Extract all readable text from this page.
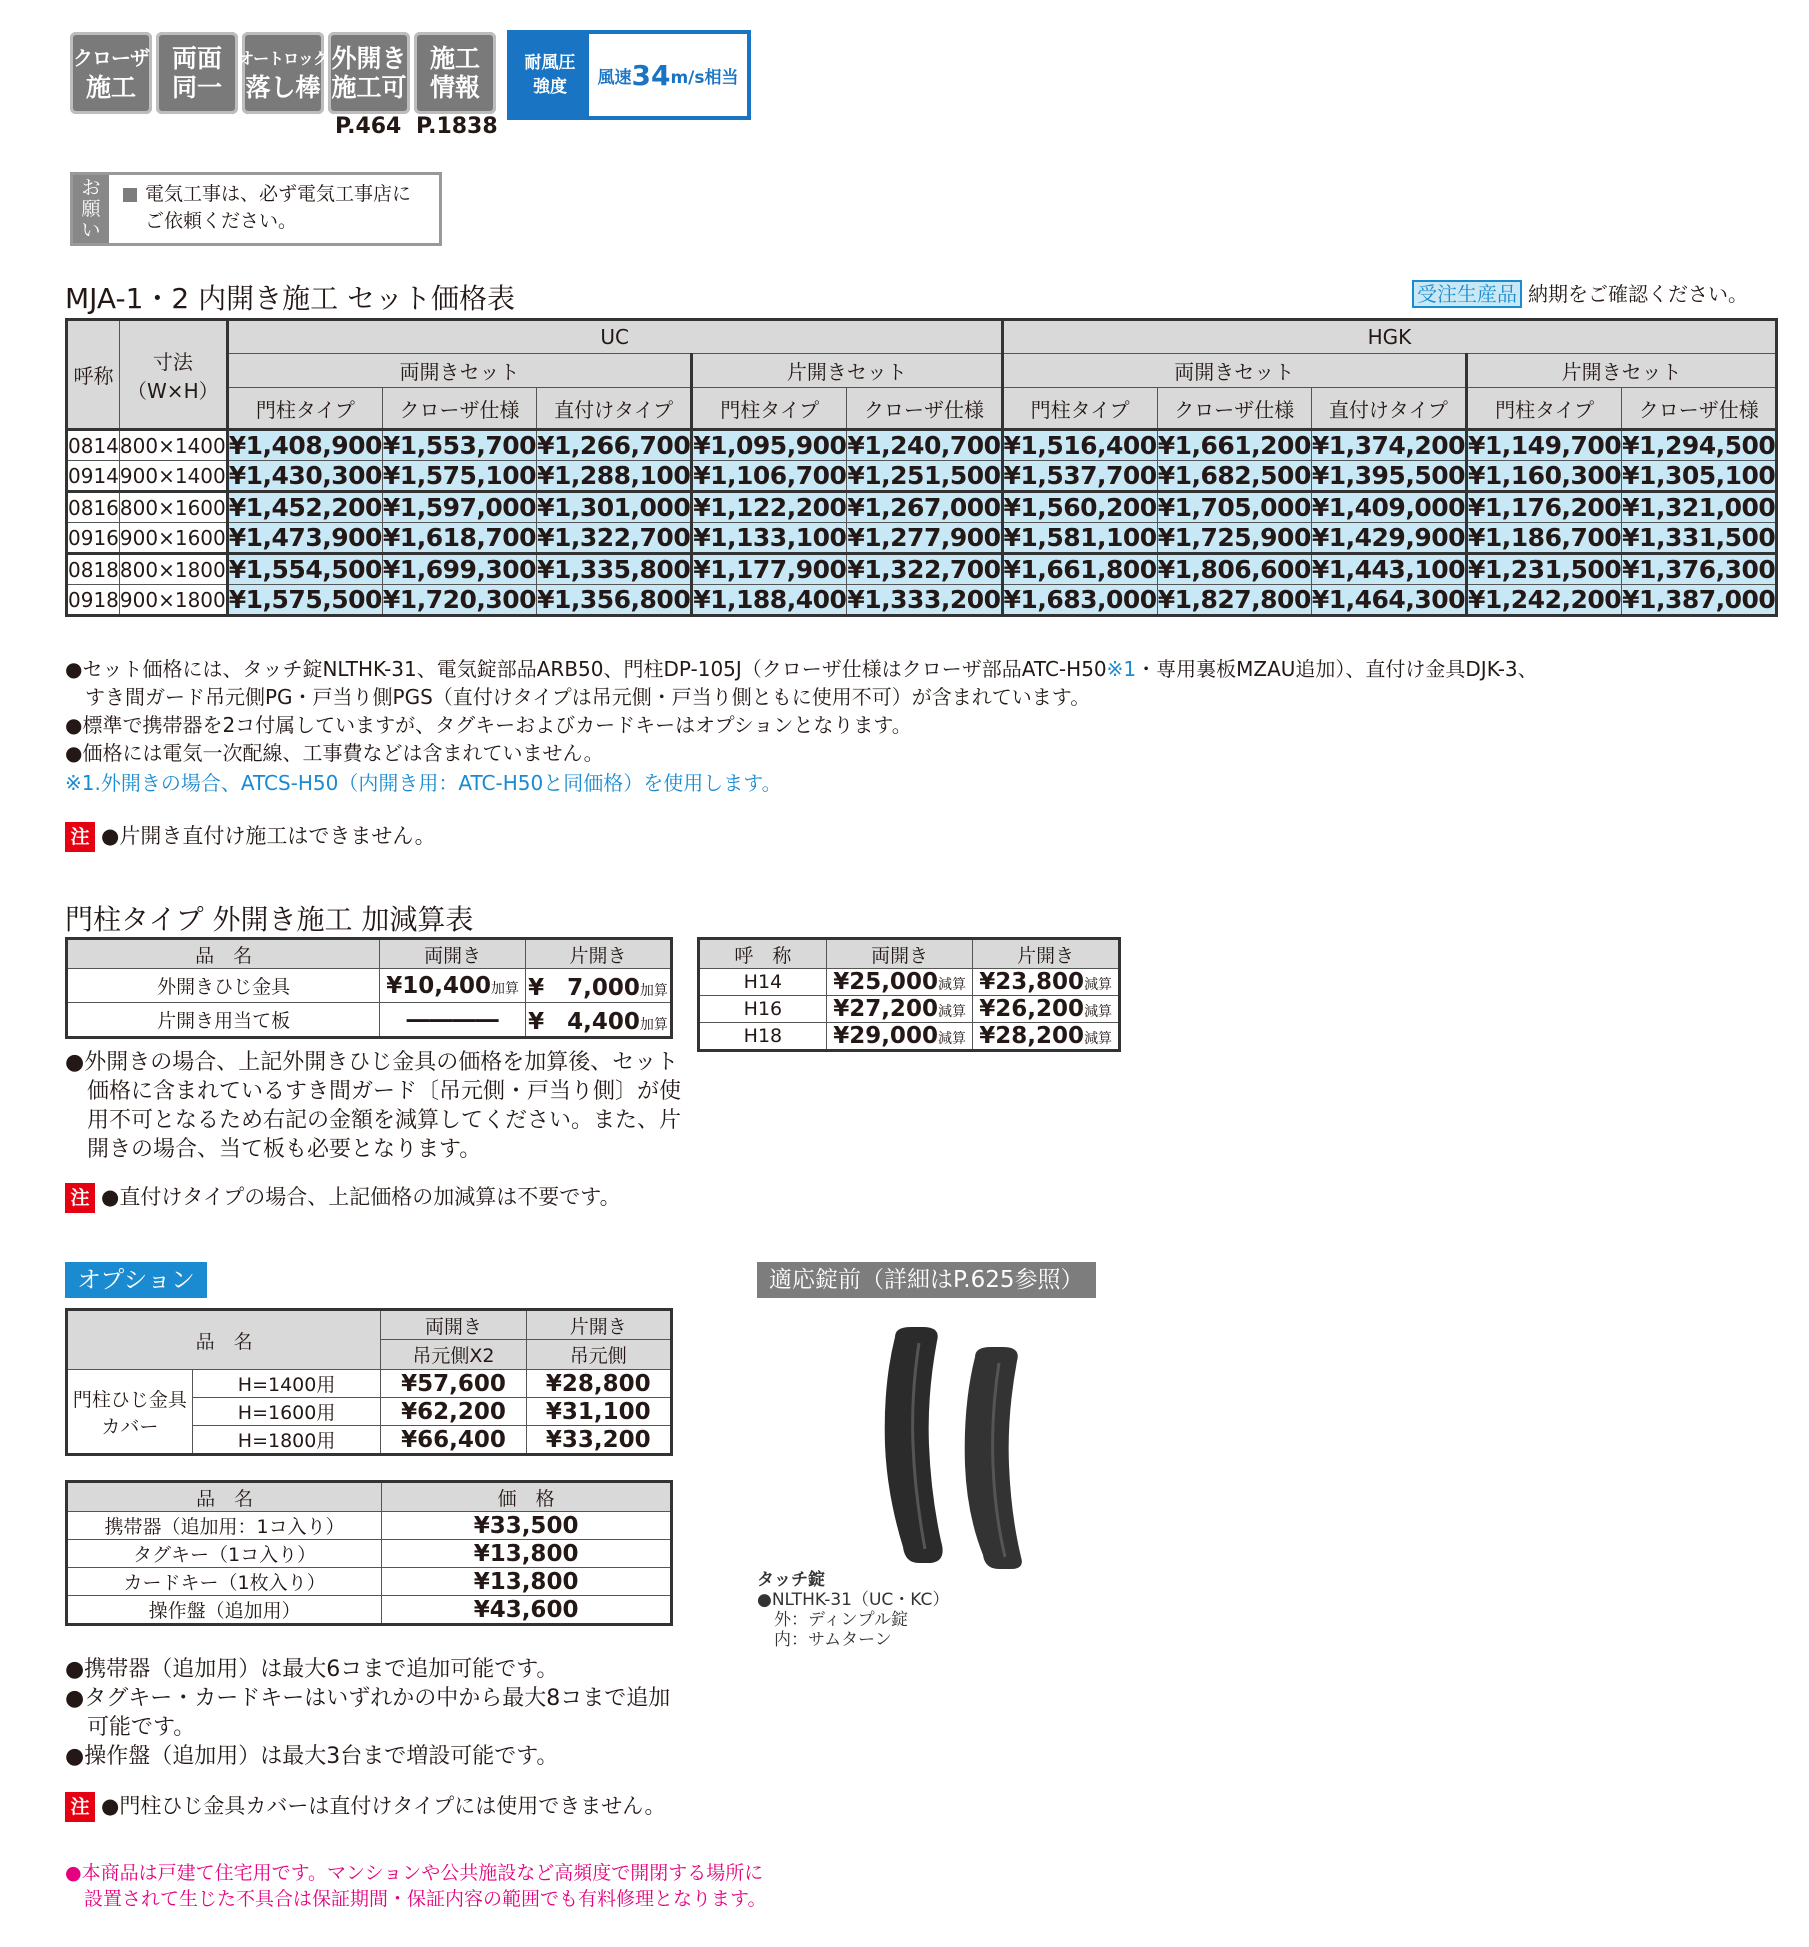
クローザ
施工
両面
同一
オートロック
落し棒
外開き
施工可
施工
情報
耐風圧
強度 風速 34 m/s相当
P.464 P.1838
お
願
い
電気工事は、必ず電気工事店に
ご依頼ください。
MJA-1・2 内開き施工 セット価格表	受注生産品 納期をご確認ください。
呼称	寸法
（W×H）	UC					HGK				
		両開きセット			片開きセット		両開きセット			片開きセット	
		門柱タイプ	クローザ仕様	直付けタイプ	門柱タイプ	クローザ仕様	門柱タイプ	クローザ仕様	直付けタイプ	門柱タイプ	クローザ仕様
0814	800×1400	¥1,408,900	¥1,553,700	¥1,266,700	¥1,095,900	¥1,240,700	¥1,516,400	¥1,661,200	¥1,374,200	¥1,149,700	¥1,294,500
0914	900×1400	¥1,430,300	¥1,575,100	¥1,288,100	¥1,106,700	¥1,251,500	¥1,537,700	¥1,682,500	¥1,395,500	¥1,160,300	¥1,305,100
0816	800×1600	¥1,452,200	¥1,597,000	¥1,301,000	¥1,122,200	¥1,267,000	¥1,560,200	¥1,705,000	¥1,409,000	¥1,176,200	¥1,321,000
0916	900×1600	¥1,473,900	¥1,618,700	¥1,322,700	¥1,133,100	¥1,277,900	¥1,581,100	¥1,725,900	¥1,429,900	¥1,186,700	¥1,331,500
0818	800×1800	¥1,554,500	¥1,699,300	¥1,335,800	¥1,177,900	¥1,322,700	¥1,661,800	¥1,806,600	¥1,443,100	¥1,231,500	¥1,376,300
0918	900×1800	¥1,575,500	¥1,720,300	¥1,356,800	¥1,188,400	¥1,333,200	¥1,683,000	¥1,827,800	¥1,464,300	¥1,242,200	¥1,387,000
●セット価格には、タッチ錠NLTHK-31、電気錠部品ARB50、門柱DP-105J（クローザ仕様はクローザ部品ATC-H50※1・専用裏板MZAU追加）、直付け金具DJK-3、
　すき間ガード吊元側PG・戸当り側PGS（直付けタイプは吊元側・戸当り側ともに使用不可）が含まれています。
●標準で携帯器を2コ付属していますが、タグキーおよびカードキーはオプションとなります。
●価格には電気一次配線、工事費などは含まれていません。
※1.外開きの場合、ATCS-H50（内開き用：ATC-H50と同価格）を使用します。
注 ●片開き直付け施工はできません。
門柱タイプ 外開き施工 加減算表
品　名	両開き	片開き
外開きひじ金具	¥10,400加算	¥　7,000加算
片開き用当て板	――――	¥　4,400加算
呼　称	両開き	片開き
H14	¥25,000減算	¥23,800減算
H16	¥27,200減算	¥26,200減算
H18	¥29,000減算	¥28,200減算
●外開きの場合、上記外開きひじ金具の価格を加算後、セット
　価格に含まれているすき間ガード〔吊元側・戸当り側〕が使
　用不可となるため右記の金額を減算してください。また、片
　開きの場合、当て板も必要となります。
注 ●直付けタイプの場合、上記価格の加減算は不要です。
オプション
品　名		両開き	片開き
		吊元側X2	吊元側
門柱ひじ金具
カバー	H=1400用	¥57,600	¥28,800
	H=1600用	¥62,200	¥31,100
	H=1800用	¥66,400	¥33,200
品　名	価　格
携帯器（追加用：1コ入り）	¥33,500
タグキー（1コ入り）	¥13,800
カードキー（1枚入り）	¥13,800
操作盤（追加用）	¥43,600
●携帯器（追加用）は最大6コまで追加可能です。
●タグキー・カードキーはいずれかの中から最大8コまで追加
　可能です。
●操作盤（追加用）は最大3台まで増設可能です。
注 ●門柱ひじ金具カバーは直付けタイプには使用できません。
適応錠前（詳細はP.625参照）
タッチ錠
●NLTHK-31（UC・KC）
　外：ディンプル錠
　内：サムターン
●本商品は戸建て住宅用です。マンションや公共施設など高頻度で開閉する場所に
　設置されて生じた不具合は保証期間・保証内容の範囲でも有料修理となります。
